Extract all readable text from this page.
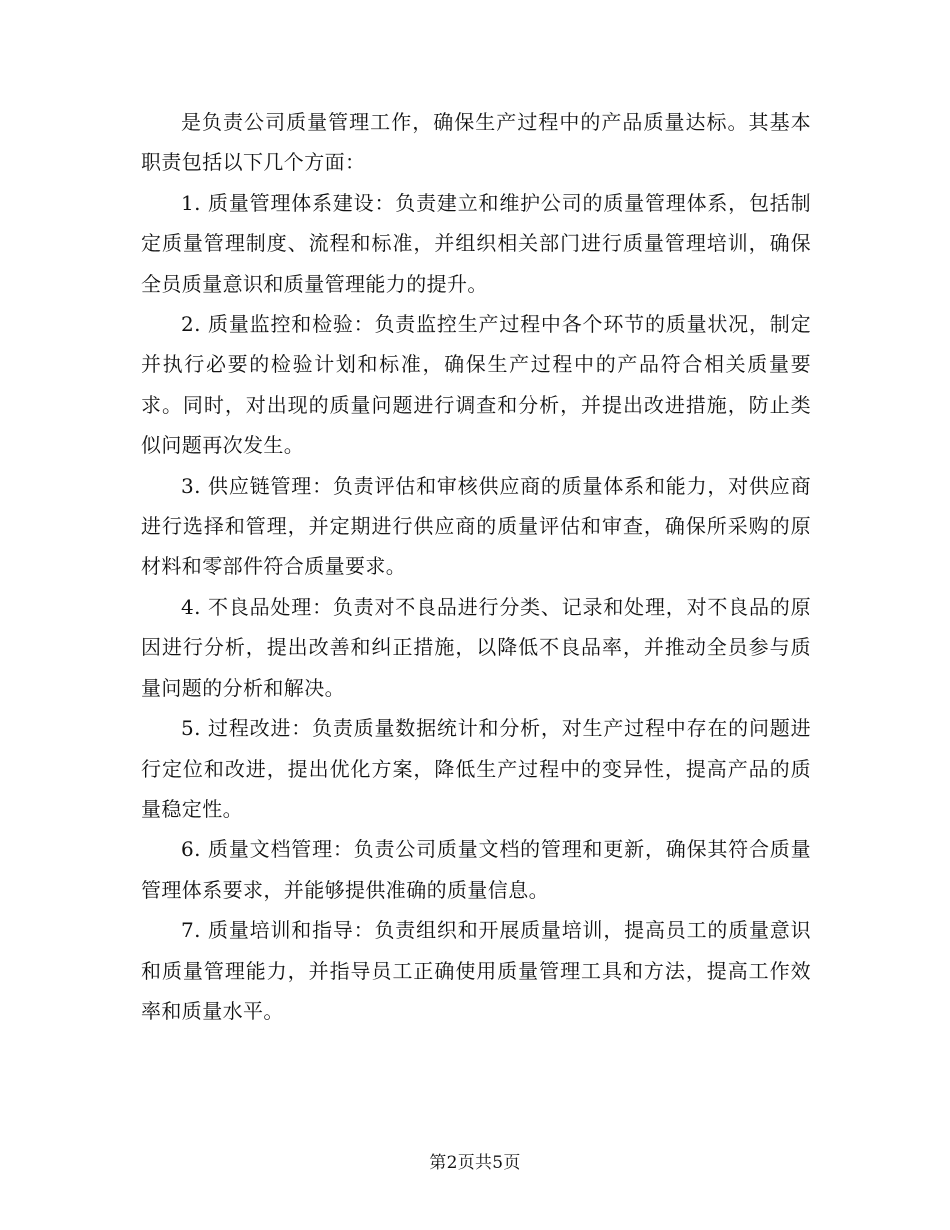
是负责公司质量管理工作，确保生产过程中的产品质量达标。其基本职责包括以下几个方面：

1. 质量管理体系建设：负责建立和维护公司的质量管理体系，包括制定质量管理制度、流程和标准，并组织相关部门进行质量管理培训，确保全员质量意识和质量管理能力的提升。

2. 质量监控和检验：负责监控生产过程中各个环节的质量状况，制定并执行必要的检验计划和标准，确保生产过程中的产品符合相关质量要求。同时，对出现的质量问题进行调查和分析，并提出改进措施，防止类似问题再次发生。

3. 供应链管理：负责评估和审核供应商的质量体系和能力，对供应商进行选择和管理，并定期进行供应商的质量评估和审查，确保所采购的原材料和零部件符合质量要求。

4. 不良品处理：负责对不良品进行分类、记录和处理，对不良品的原因进行分析，提出改善和纠正措施，以降低不良品率，并推动全员参与质量问题的分析和解决。

5. 过程改进：负责质量数据统计和分析，对生产过程中存在的问题进行定位和改进，提出优化方案，降低生产过程中的变异性，提高产品的质量稳定性。

6. 质量文档管理：负责公司质量文档的管理和更新，确保其符合质量管理体系要求，并能够提供准确的质量信息。

7. 质量培训和指导：负责组织和开展质量培训，提高员工的质量意识和质量管理能力，并指导员工正确使用质量管理工具和方法，提高工作效率和质量水平。

第2页共5页
